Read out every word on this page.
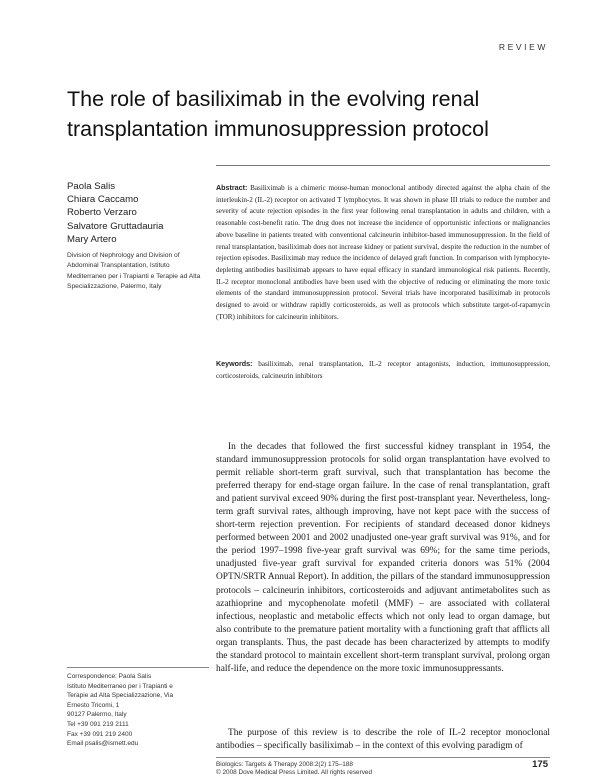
REVIEW
The role of basiliximab in the evolving renal transplantation immunosuppression protocol
Paola Salis
Chiara Caccamo
Roberto Verzaro
Salvatore Gruttadauria
Mary Artero
Division of Nephrology and Division of Abdominal Transplantation, Istituto Mediterraneo per i Trapianti e Terapie ad Alta Specializzazione, Palermo, Italy
Abstract: Basiliximab is a chimeric mouse-human monoclonal antibody directed against the alpha chain of the interleukin-2 (IL-2) receptor on activated T lymphocytes. It was shown in phase III trials to reduce the number and severity of acute rejection episodes in the first year following renal transplantation in adults and children, with a reasonable cost-benefit ratio. The drug does not increase the incidence of opportunistic infections or malignancies above baseline in patients treated with conventional calcineurin inhibitor-based immunosuppression. In the field of renal transplantation, basiliximab does not increase kidney or patient survival, despite the reduction in the number of rejection episodes. Basiliximab may reduce the incidence of delayed graft function. In comparison with lymphocyte-depleting antibodies basiliximab appears to have equal efficacy in standard immunological risk patients. Recently, IL-2 receptor monoclonal antibodies have been used with the objective of reducing or eliminating the more toxic elements of the standard immunosuppression protocol. Several trials have incorporated basiliximab in protocols designed to avoid or withdraw rapidly corticosteroids, as well as protocols which substitute target-of-rapamycin (TOR) inhibitors for calcineurin inhibitors.
Keywords: basiliximab, renal transplantation, IL-2 receptor antagonists, induction, immunosuppression, corticosteroids, calcineurin inhibitors

In the decades that followed the first successful kidney transplant in 1954, the standard immunosuppression protocols for solid organ transplantation have evolved to permit reliable short-term graft survival, such that transplantation has become the preferred therapy for end-stage organ failure. In the case of renal transplantation, graft and patient survival exceed 90% during the first post-transplant year. Nevertheless, long-term graft survival rates, although improving, have not kept pace with the success of short-term rejection prevention. For recipients of standard deceased donor kidneys performed between 2001 and 2002 unadjusted one-year graft survival was 91%, and for the period 1997–1998 five-year graft survival was 69%; for the same time periods, unadjusted five-year graft survival for expanded criteria donors was 51% (2004 OPTN/SRTR Annual Report). In addition, the pillars of the standard immunosuppression protocols – calcineurin inhibitors, corticosteroids and adjuvant antimetabolites such as azathioprine and mycophenolate mofetil (MMF) – are associated with collateral infectious, neoplastic and metabolic effects which not only lead to organ damage, but also contribute to the premature patient mortality with a functioning graft that afflicts all organ transplants. Thus, the past decade has been characterized by attempts to modify the standard protocol to maintain excellent short-term transplant survival, prolong organ half-life, and reduce the dependence on the more toxic immunosuppressants.

The purpose of this review is to describe the role of IL-2 receptor monoclonal antibodies – specifically basiliximab – in the context of this evolving paradigm of

Correspondence: Paola Salis
Istituto Mediterraneo per i Trapianti e
Terapie ad Alta Specializzazione, Via
Ernesto Tricomi, 1
90127 Palermo, Italy
Tel +39 091 219 2111
Fax +39 091 219 2400
Email psalis@ismett.edu
Biologics: Targets & Therapy 2008:2(2) 175–188
© 2008 Dove Medical Press Limited. All rights reserved
175
